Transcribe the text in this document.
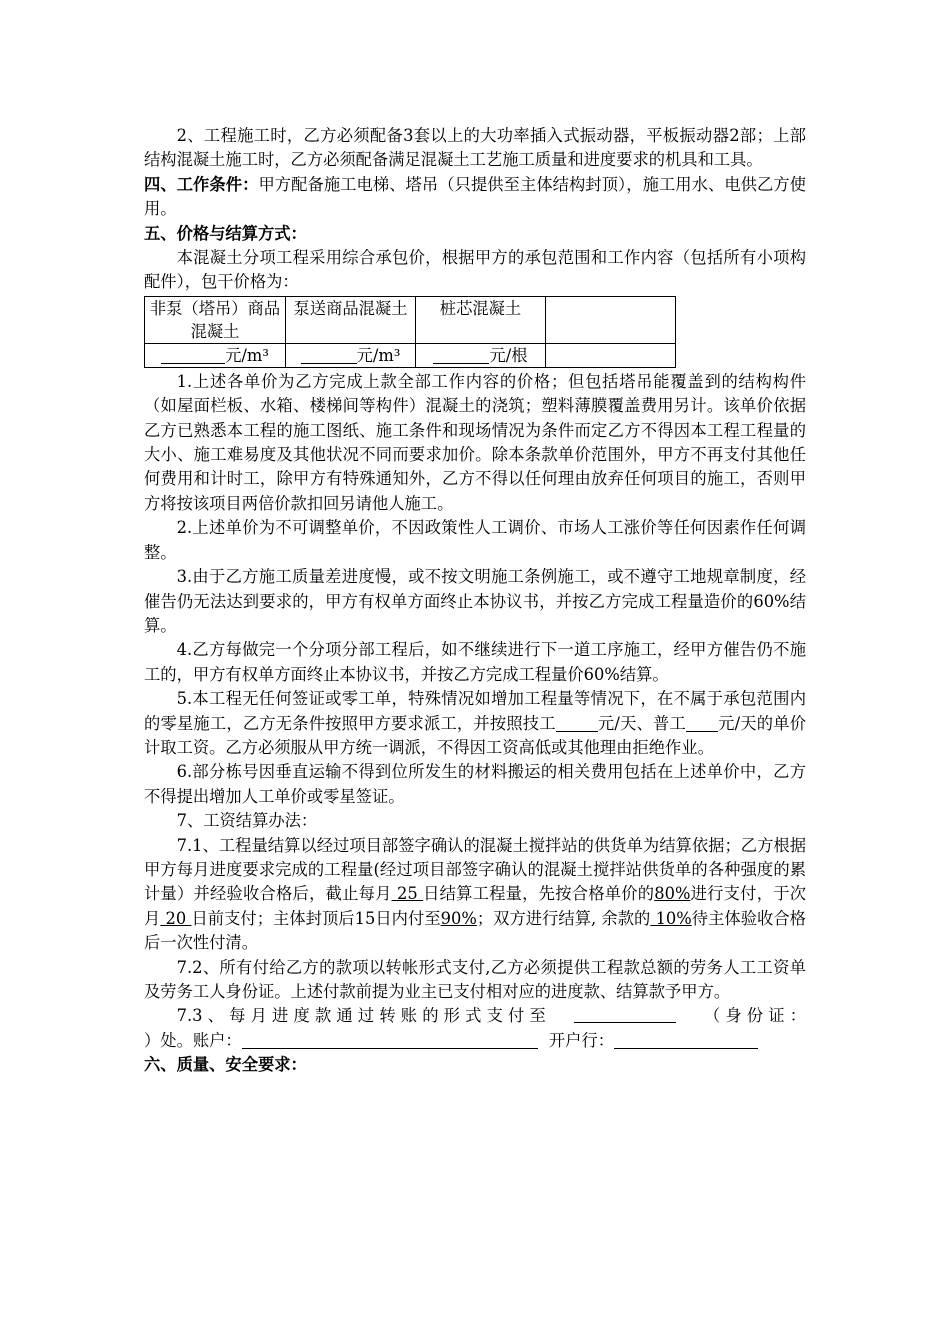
2、工程施工时，乙方必须配备3套以上的大功率插入式振动器，平板振动器2部；上部结构混凝土施工时，乙方必须配备满足混凝土工艺施工质量和进度要求的机具和工具。

四、工作条件：甲方配备施工电梯、塔吊（只提供至主体结构封顶），施工用水、电供乙方使用。

五、价格与结算方式：

本混凝土分项工程采用综合承包价，根据甲方的承包范围和工作内容（包括所有小项构配件），包干价格为：

非泵（塔吊）商品混凝土	泵送商品混凝土	桩芯混凝土	
元/m³	元/m³	元/根	

1.上述各单价为乙方完成上款全部工作内容的价格；但包括塔吊能覆盖到的结构构件（如屋面栏板、水箱、楼梯间等构件）混凝土的浇筑；塑料薄膜覆盖费用另计。该单价依据乙方已熟悉本工程的施工图纸、施工条件和现场情况为条件而定乙方不得因本工程工程量的大小、施工难易度及其他状况不同而要求加价。除本条款单价范围外，甲方不再支付其他任何费用和计时工，除甲方有特殊通知外，乙方不得以任何理由放弃任何项目的施工，否则甲方将按该项目两倍价款扣回另请他人施工。

2.上述单价为不可调整单价，不因政策性人工调价、市场人工涨价等任何因素作任何调整。

3.由于乙方施工质量差进度慢，或不按文明施工条例施工，或不遵守工地规章制度，经催告仍无法达到要求的，甲方有权单方面终止本协议书，并按乙方完成工程量造价的60%结算。

4.乙方每做完一个分项分部工程后，如不继续进行下一道工序施工，经甲方催告仍不施工的，甲方有权单方面终止本协议书，并按乙方完成工程量价60%结算。

5.本工程无任何签证或零工单，特殊情况如增加工程量等情况下，在不属于承包范围内的零星施工，乙方无条件按照甲方要求派工，并按照技工	元/天、普工 元/天的单价计取工资。乙方必须服从甲方统一调派，不得因工资高低或其他理由拒绝作业。

6.部分栋号因垂直运输不得到位所发生的材料搬运的相关费用包括在上述单价中，乙方不得提出增加人工单价或零星签证。

7、工资结算办法：

7.1、工程量结算以经过项目部签字确认的混凝土搅拌站的供货单为结算依据；乙方根据甲方每月进度要求完成的工程量(经过项目部签字确认的混凝土搅拌站供货单的各种强度的累计量）并经验收合格后，截止每月 25 日结算工程量，先按合格单价的80%进行支付，于次月 20 日前支付；主体封顶后15日内付至90%；双方进行结算, 余款的 10%待主体验收合格后一次性付清。

7.2、所有付给乙方的款项以转帐形式支付,乙方必须提供工程款总额的劳务人工工资单及劳务工人身份证。上述付款前提为业主已支付相对应的进度款、结算款予甲方。

7.3 、 每 月 进 度 款 通 过 转 账 的 形 式 支 付 至	（ 身 份 证 ：
）处。账户：	开户行：

六、质量、安全要求：
